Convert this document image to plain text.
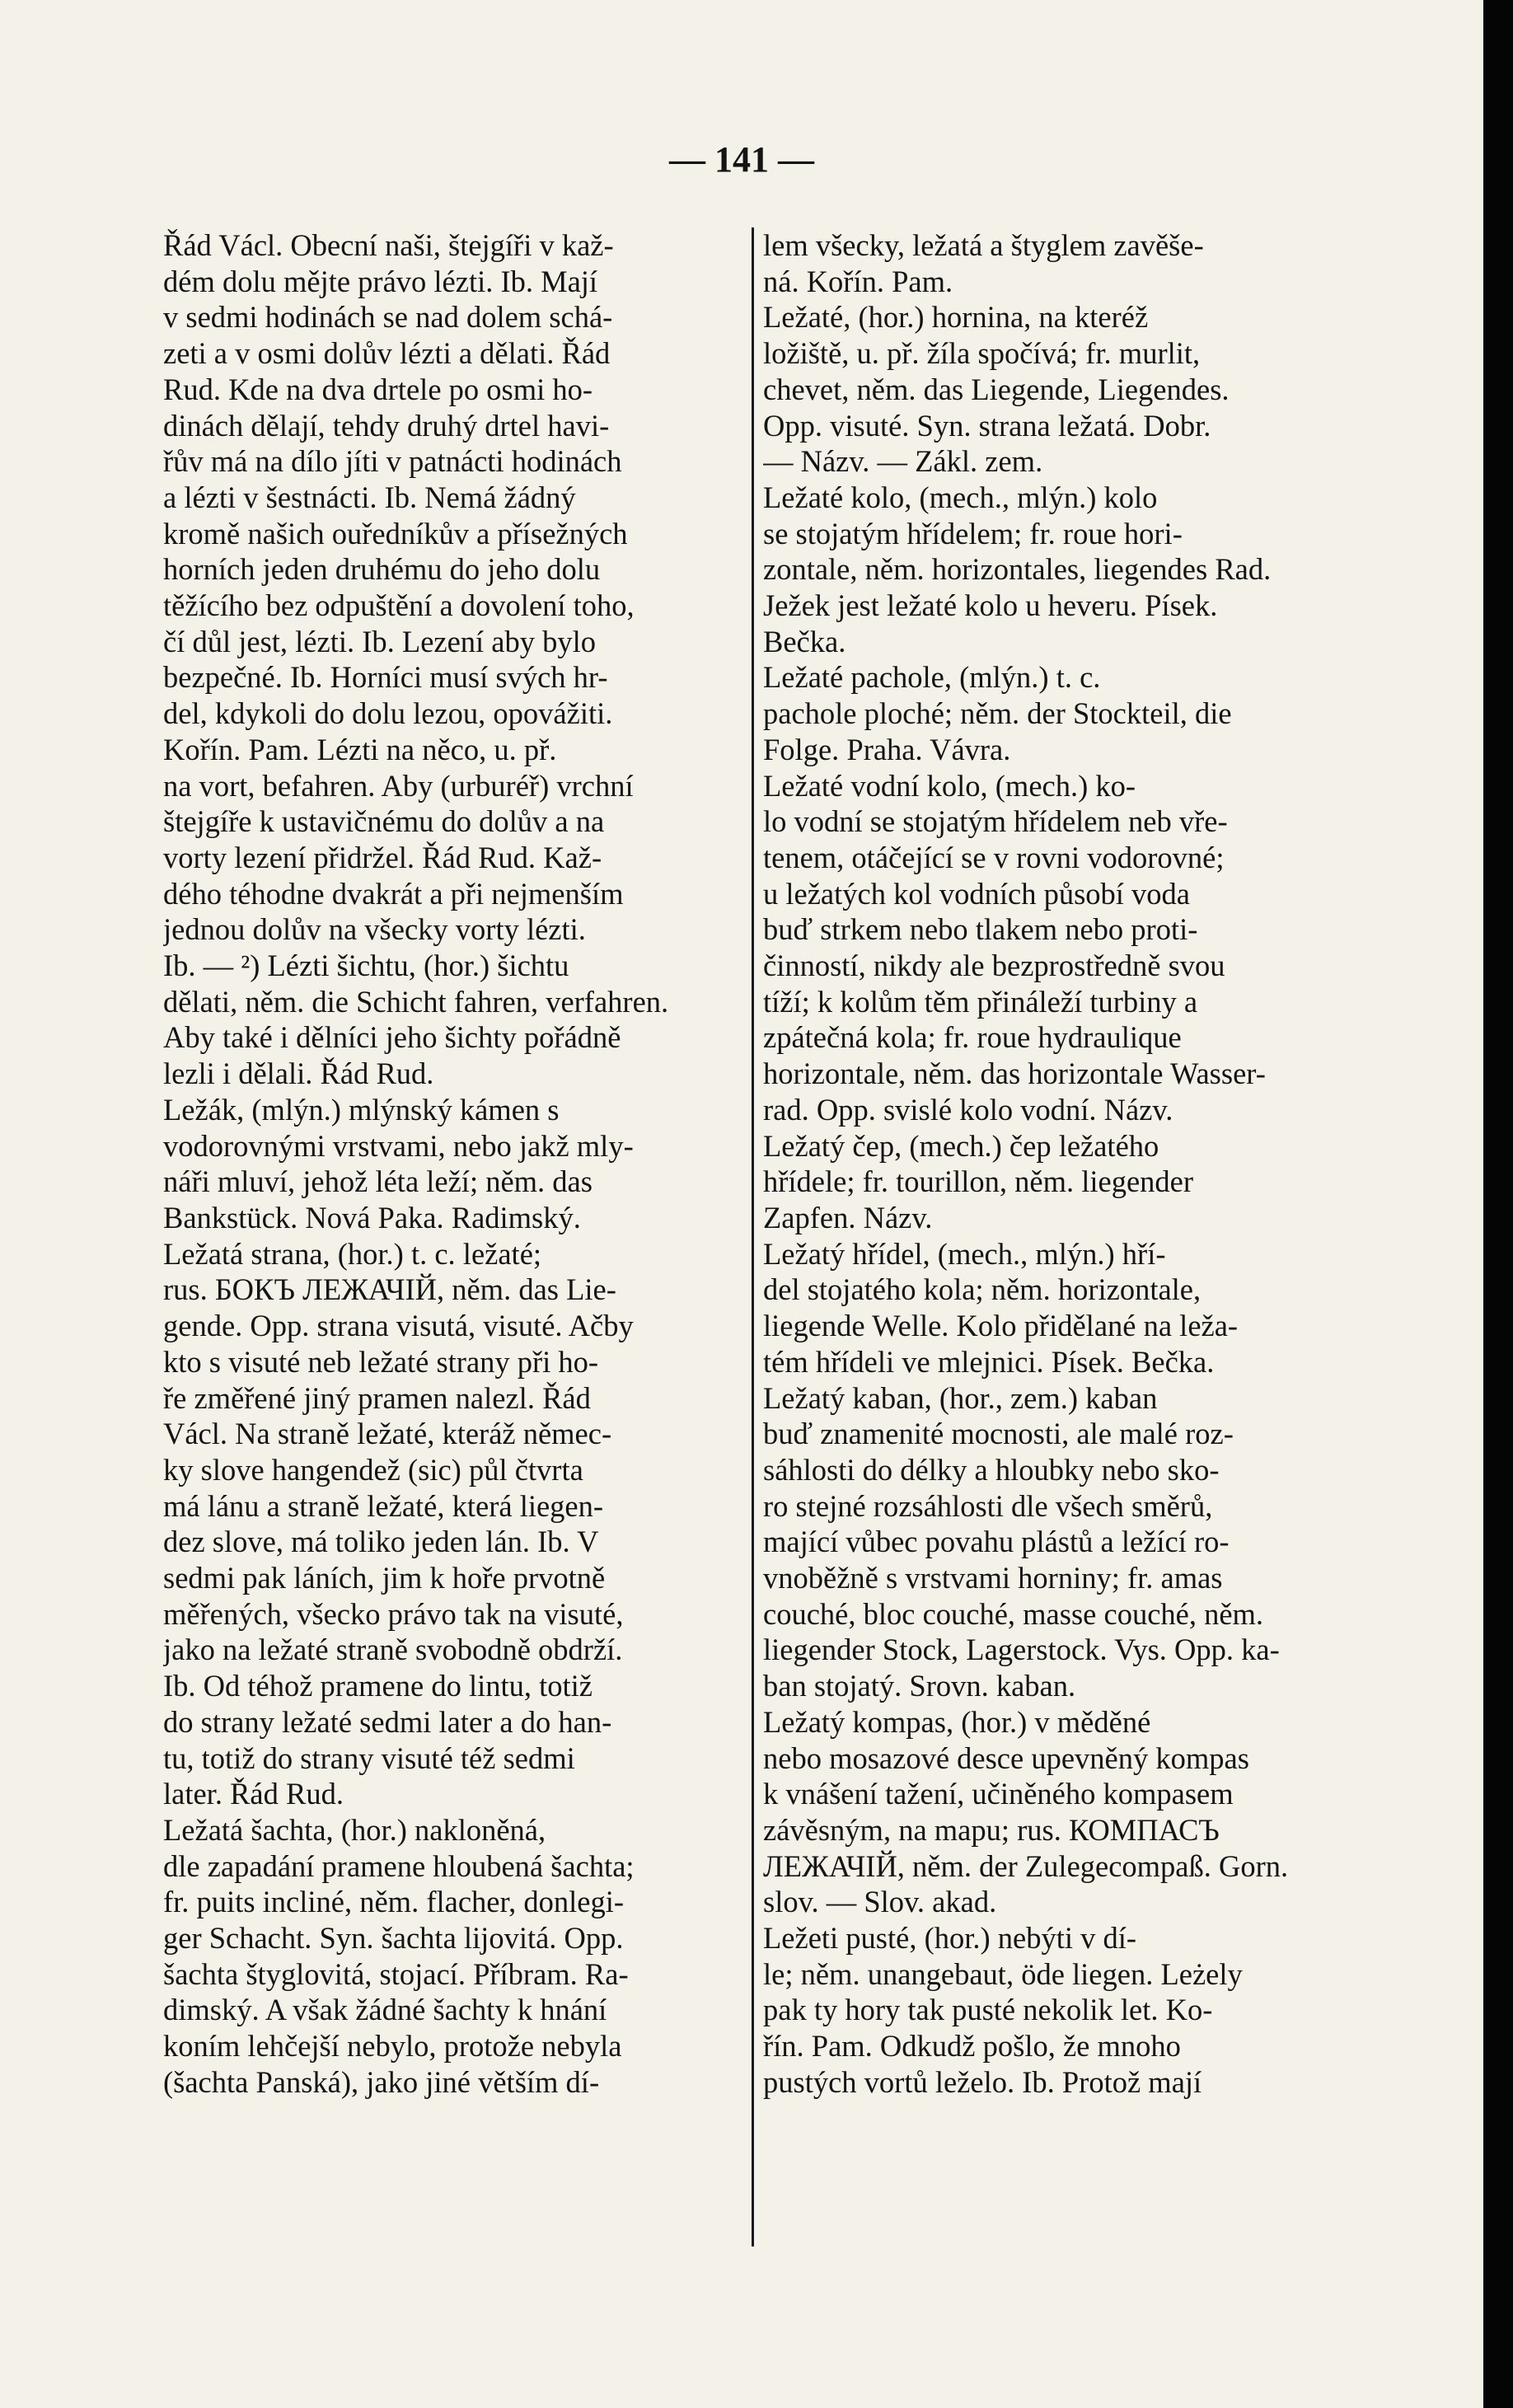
— 141 —
Řád Václ. Obecní naši, štejgíři v kaž-
dém dolu mějte právo lézti. Ib. Mají
v sedmi hodinách se nad dolem schá-
zeti a v osmi dolův lézti a dělati. Řád
Rud. Kde na dva drtele po osmi ho-
dinách dělají, tehdy druhý drtel havi-
řův má na dílo jíti v patnácti hodinách
a lézti v šestnácti. Ib. Nemá žádný
kromě našich ouředníkův a přísežných
horních jeden druhému do jeho dolu
těžícího bez odpuštění a dovolení toho,
čí důl jest, lézti. Ib. Lezení aby bylo
bezpečné. Ib. Horníci musí svých hr-
del, kdykoli do dolu lezou, opovážiti.
Kořín. Pam. Lézti na něco, u. př.
na vort, befahren. Aby (urburéř) vrchní
štejgíře k ustavičnému do dolův a na
vorty lezení přidržel. Řád Rud. Kaž-
dého téhodne dvakrát a při nejmenším
jednou dolův na všecky vorty lézti.
Ib. — ²) Lézti šichtu, (hor.) šichtu
dělati, něm. die Schicht fahren, verfahren.
Aby také i dělníci jeho šichty pořádně
lezli i dělali. Řád Rud.
Ležák, (mlýn.) mlýnský kámen s
vodorovnými vrstvami, nebo jakž mly-
náři mluví, jehož léta leží; něm. das
Bankstück. Nová Paka. Radimský.
Ležatá strana, (hor.) t. c. ležaté;
rus. БОКЪ ЛЕЖАЧІЙ, něm. das Lie-
gende. Opp. strana visutá, visuté. Ačby
kto s visuté neb ležaté strany při ho-
ře změřené jiný pramen nalezl. Řád
Václ. Na straně ležaté, kteráž němec-
ky slove hangendež (sic) půl čtvrta
má lánu a straně ležaté, která liegen-
dez slove, má toliko jeden lán. Ib. V
sedmi pak láních, jim k hoře prvotně
měřených, všecko právo tak na visuté,
jako na ležaté straně svobodně obdrží.
Ib. Od téhož pramene do lintu, totiž
do strany ležaté sedmi later a do han-
tu, totiž do strany visuté též sedmi
later. Řád Rud.
Ležatá šachta, (hor.) nakloněná,
dle zapadání pramene hloubená šachta;
fr. puits incliné, něm. flacher, donlegi-
ger Schacht. Syn. šachta lijovitá. Opp.
šachta štyglovitá, stojací. Příbram. Ra-
dimský. A však žádné šachty k hnání
koním lehčejší nebylo, protože nebyla
(šachta Panská), jako jiné větším dí-
lem všecky, ležatá a štyglem zavěše-
ná. Kořín. Pam.
Ležaté, (hor.) hornina, na kteréž
ložiště, u. př. žíla spočívá; fr. murlit,
chevet, něm. das Liegende, Liegendes.
Opp. visuté. Syn. strana ležatá. Dobr.
— Názv. — Zákl. zem.
Ležaté kolo, (mech., mlýn.) kolo
se stojatým hřídelem; fr. roue hori-
zontale, něm. horizontales, liegendes Rad.
Ježek jest ležaté kolo u heveru. Písek.
Bečka.
Ležaté pachole, (mlýn.) t. c.
pachole ploché; něm. der Stockteil, die
Folge. Praha. Vávra.
Ležaté vodní kolo, (mech.) ko-
lo vodní se stojatým hřídelem neb vře-
tenem, otáčející se v rovni vodorovné;
u ležatých kol vodních působí voda
buď strkem nebo tlakem nebo proti-
činností, nikdy ale bezprostředně svou
tíží; k kolům těm přináleží turbiny a
zpátečná kola; fr. roue hydraulique
horizontale, něm. das horizontale Wasser-
rad. Opp. svislé kolo vodní. Názv.
Ležatý čep, (mech.) čep ležatého
hřídele; fr. tourillon, něm. liegender
Zapfen. Názv.
Ležatý hřídel, (mech., mlýn.) hří-
del stojatého kola; něm. horizontale,
liegende Welle. Kolo přidělané na leža-
tém hřídeli ve mlejnici. Písek. Bečka.
Ležatý kaban, (hor., zem.) kaban
buď znamenité mocnosti, ale malé roz-
sáhlosti do délky a hloubky nebo sko-
ro stejné rozsáhlosti dle všech směrů,
mající vůbec povahu plástů a ležící ro-
vnoběžně s vrstvami horniny; fr. amas
couché, bloc couché, masse couché, něm.
liegender Stock, Lagerstock. Vys. Opp. ka-
ban stojatý. Srovn. kaban.
Ležatý kompas, (hor.) v měděné
nebo mosazové desce upevněný kompas
k vnášení tažení, učiněného kompasem
závěsným, na mapu; rus. КОМПАСЪ
ЛЕЖАЧІЙ, něm. der Zulegecompaß. Gorn.
slov. — Slov. akad.
Ležeti pusté, (hor.) nebýti v dí-
le; něm. unangebaut, öde liegen. Leżely
pak ty hory tak pusté nekolik let. Ko-
řín. Pam. Odkudž pošlo, že mnoho
pustých vortů leželo. Ib. Protož mají
